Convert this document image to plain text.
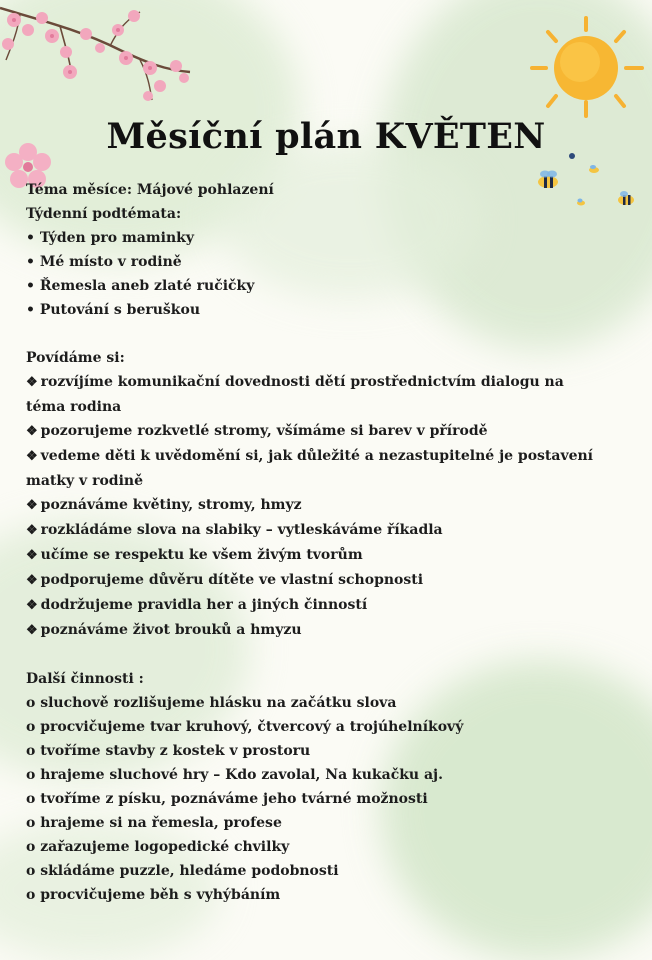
Měsíční plán KVĚTEN

Téma měsíce: Májové pohlazení

Týdenní podtémata:

• Týden pro maminky

• Mé místo v rodině

• Řemesla aneb zlaté ručičky

• Putování s beruškou

Povídáme si:

❖ rozvíjíme komunikační dovednosti dětí prostřednictvím dialogu na

téma rodina

❖ pozorujeme rozkvetlé stromy, všímáme si barev v přírodě

❖ vedeme děti k uvědomění si, jak důležité a nezastupitelné je postavení

matky v rodině

❖ poznáváme květiny, stromy, hmyz

❖ rozkládáme slova na slabiky – vytleskáváme říkadla

❖ učíme se respektu ke všem živým tvorům

❖ podporujeme důvěru dítěte ve vlastní schopnosti

❖ dodržujeme pravidla her a jiných činností

❖ poznáváme život brouků a hmyzu

Další činnosti :

o sluchově rozlišujeme hlásku na začátku slova

o procvičujeme tvar kruhový, čtvercový a trojúhelníkový

o tvoříme stavby z kostek v prostoru

o hrajeme sluchové hry – Kdo zavolal, Na kukačku aj.

o tvoříme z písku, poznáváme jeho tvárné možnosti

o hrajeme si na řemesla, profese

o zařazujeme logopedické chvilky

o skládáme puzzle, hledáme podobnosti

o procvičujeme běh s vyhýbáním
